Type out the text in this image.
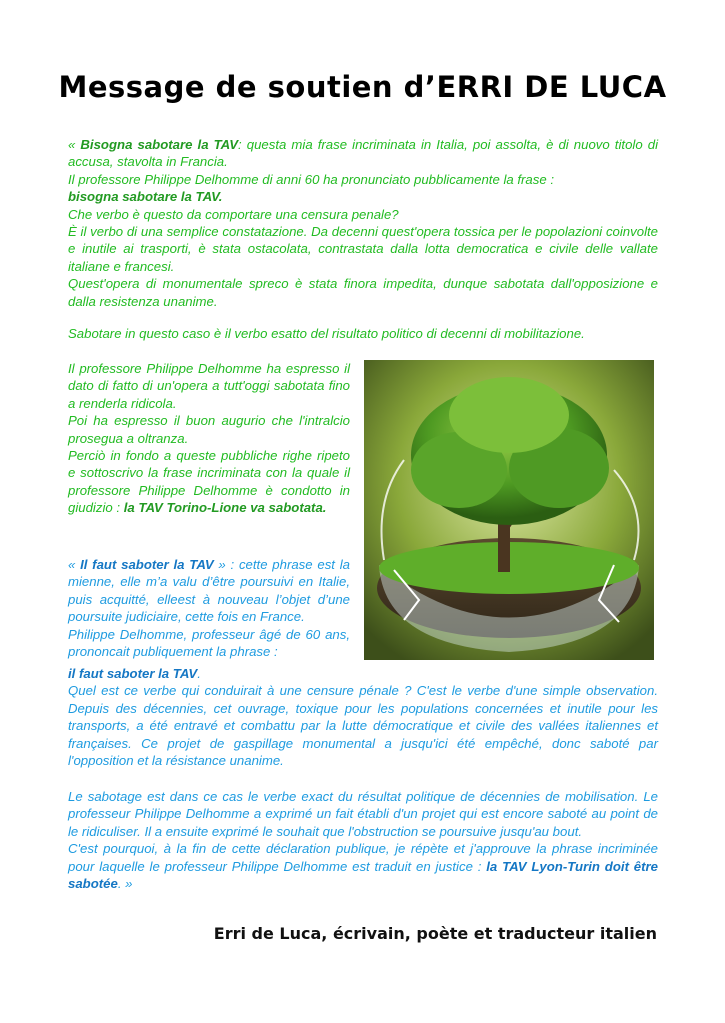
Message de soutien d’ERRI DE LUCA

« Bisogna sabotare la TAV: questa mia frase incriminata in Italia, poi assolta, è di nuovo titolo di accusa, stavolta in Francia.

Il professore Philippe Delhomme di anni 60 ha pronunciato pubblicamente la frase :
bisogna sabotare la TAV.

Che verbo è questo da comportare una censura penale?

È il verbo di una semplice constatazione. Da decenni quest'opera tossica per le popolazioni coinvolte e inutile ai trasporti, è stata ostacolata, contrastata dalla lotta democratica e civile delle vallate italiane e francesi.

Quest'opera di monumentale spreco è stata finora impedita, dunque sabotata dall'opposizione e dalla resistenza unanime.

Sabotare in questo caso è il verbo esatto del risultato politico di decenni di mobilitazione.

Il professore Philippe Delhomme ha espresso il dato di fatto di un'opera a tutt'oggi sabotata fino a renderla ridicola.

Poi ha espresso il buon augurio che l'intralcio prosegua a oltranza.

Perciò in fondo a queste pubbliche righe ripeto e sottoscrivo la frase incriminata con la quale il professore Philippe Delhomme è condotto in giudizio : la TAV Torino-Lione va sabotata.

« Il faut saboter la TAV » : cette phrase est la mienne, elle m’a valu d’être poursuivi en Italie, puis acquitté, elleest à nouveau l’objet d’une poursuite judiciaire, cette fois en France.

Philippe Delhomme, professeur âgé de 60 ans, prononcait publiquement la phrase :

il faut saboter la TAV.

Quel est ce verbe qui conduirait à une censure pénale ? C'est le verbe d'une simple observation. Depuis des décennies, cet ouvrage, toxique pour les populations concernées et inutile pour les transports, a été entravé et combattu par la lutte démocratique et civile des vallées italiennes et françaises. Ce projet de gaspillage monumental a jusqu'ici été empêché, donc saboté par l'opposition et la résistance unanime.

Le sabotage est dans ce cas le verbe exact du résultat politique de décennies de mobilisation. Le professeur Philippe Delhomme a exprimé un fait établi d'un projet qui est encore saboté au point de le ridiculiser. Il a ensuite exprimé le souhait que l'obstruction se poursuive jusqu'au bout.

C'est pourquoi, à la fin de cette déclaration publique, je répète et j'approuve la phrase incriminée pour laquelle le professeur Philippe Delhomme est traduit en justice : la TAV Lyon-Turin doit être sabotée. »

Erri de Luca, écrivain, poète et traducteur italien
